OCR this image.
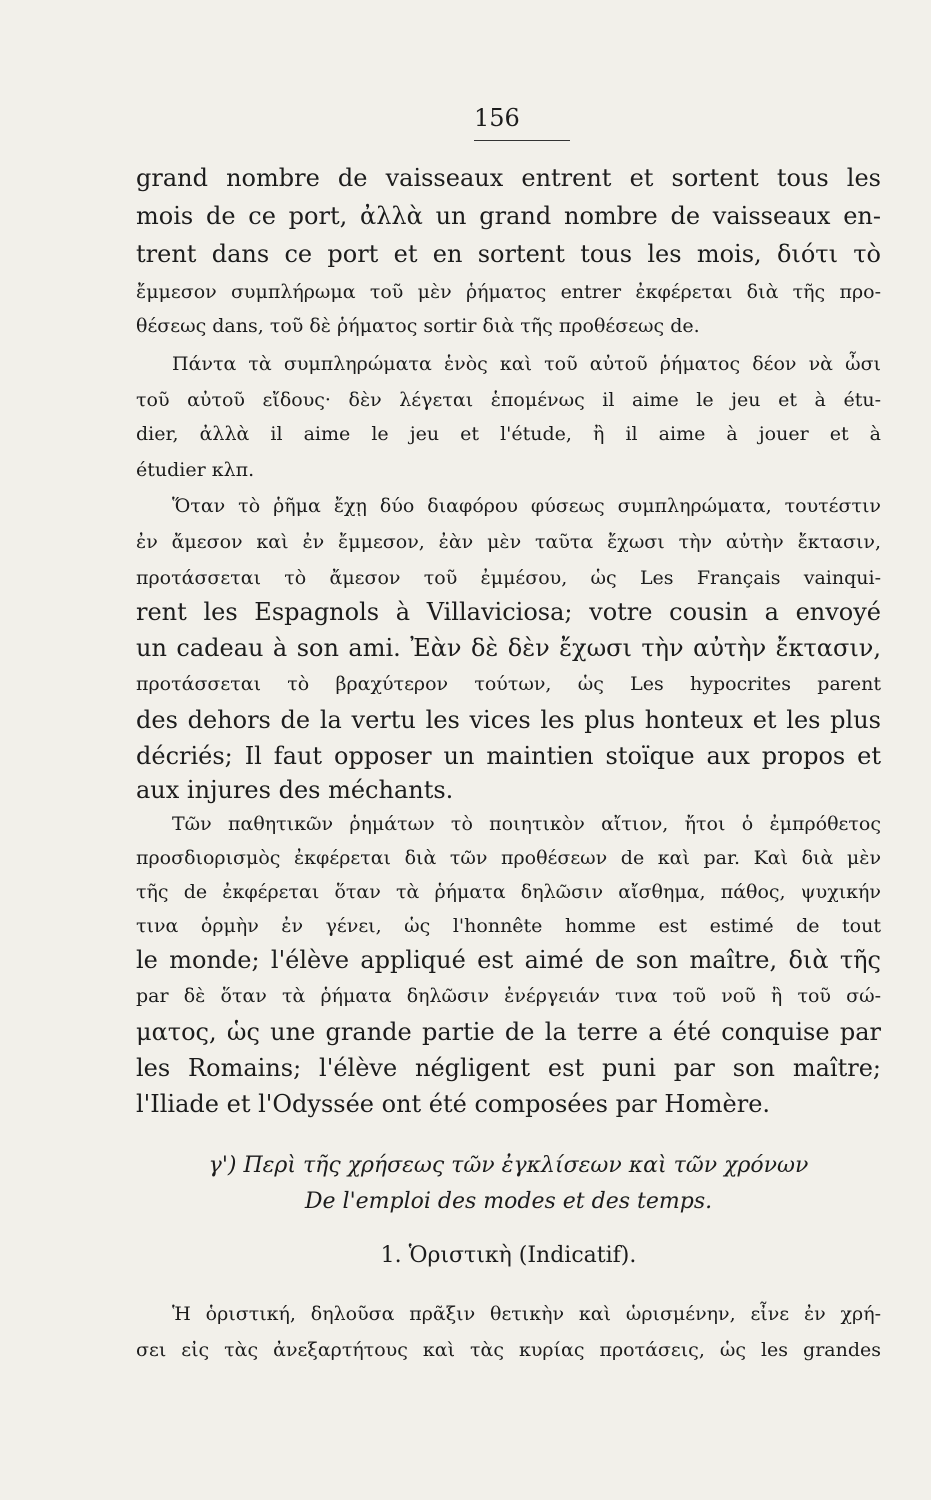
156
grand nombre de vaisseaux entrent et sortent tous les
mois de ce port, ἀλλὰ un grand nombre de vaisseaux en-
trent dans ce port et en sortent tous les mois, διότι τὸ
ἔμμεσον συμπλήρωμα τοῦ μὲν ῥήματος entrer ἐκφέρεται διὰ τῆς προ-
θέσεως dans, τοῦ δὲ ῥήματος sortir διὰ τῆς προθέσεως de.
Πάντα τὰ συμπληρώματα ἑνὸς καὶ τοῦ αὐτοῦ ῥήματος δέον νὰ ὦσι
τοῦ αὐτοῦ εἴδους· δὲν λέγεται ἑπομένως il aime le jeu et à étu-
dier, ἀλλὰ il aime le jeu et l'étude, ἢ il aime à jouer et à
étudier κλπ.
Ὅταν τὸ ῥῆμα ἔχῃ δύο διαφόρου φύσεως συμπληρώματα, τουτέστιν
ἐν ἄμεσον καὶ ἐν ἔμμεσον, ἐὰν μὲν ταῦτα ἔχωσι τὴν αὐτὴν ἔκτασιν,
προτάσσεται τὸ ἄμεσον τοῦ ἐμμέσου, ὡς Les Français vainqui-
rent les Espagnols à Villaviciosa; votre cousin a envoyé
un cadeau à son ami. Ἐὰν δὲ δὲν ἔχωσι τὴν αὐτὴν ἔκτασιν,
προτάσσεται τὸ βραχύτερον τούτων, ὡς Les hypocrites parent
des dehors de la vertu les vices les plus honteux et les plus
décriés; Il faut opposer un maintien stoïque aux propos et
aux injures des méchants.
Τῶν παθητικῶν ῥημάτων τὸ ποιητικὸν αἴτιον, ἤτοι ὁ ἐμπρόθετος
προσδιορισμὸς ἐκφέρεται διὰ τῶν προθέσεων de καὶ par. Καὶ διὰ μὲν
τῆς de ἐκφέρεται ὅταν τὰ ῥήματα δηλῶσιν αἴσθημα, πάθος, ψυχικήν
τινα ὁρμὴν ἐν γένει, ὡς l'honnête homme est estimé de tout
le monde; l'élève appliqué est aimé de son maître, διὰ τῆς
par δὲ ὅταν τὰ ῥήματα δηλῶσιν ἐνέργειάν τινα τοῦ νοῦ ἢ τοῦ σώ-
ματος, ὡς une grande partie de la terre a été conquise par
les Romains; l'élève négligent est puni par son maître;
l'Iliade et l'Odyssée ont été composées par Homère.
γ') Περὶ τῆς χρήσεως τῶν ἐγκλίσεων καὶ τῶν χρόνων
De l'emploi des modes et des temps.
1. Ὁριστικὴ (Indicatif).
Ἡ ὁριστική, δηλοῦσα πρᾶξιν θετικὴν καὶ ὡρισμένην, εἶνε ἐν χρή-
σει εἰς τὰς ἀνεξαρτήτους καὶ τὰς κυρίας προτάσεις, ὡς les grandes
